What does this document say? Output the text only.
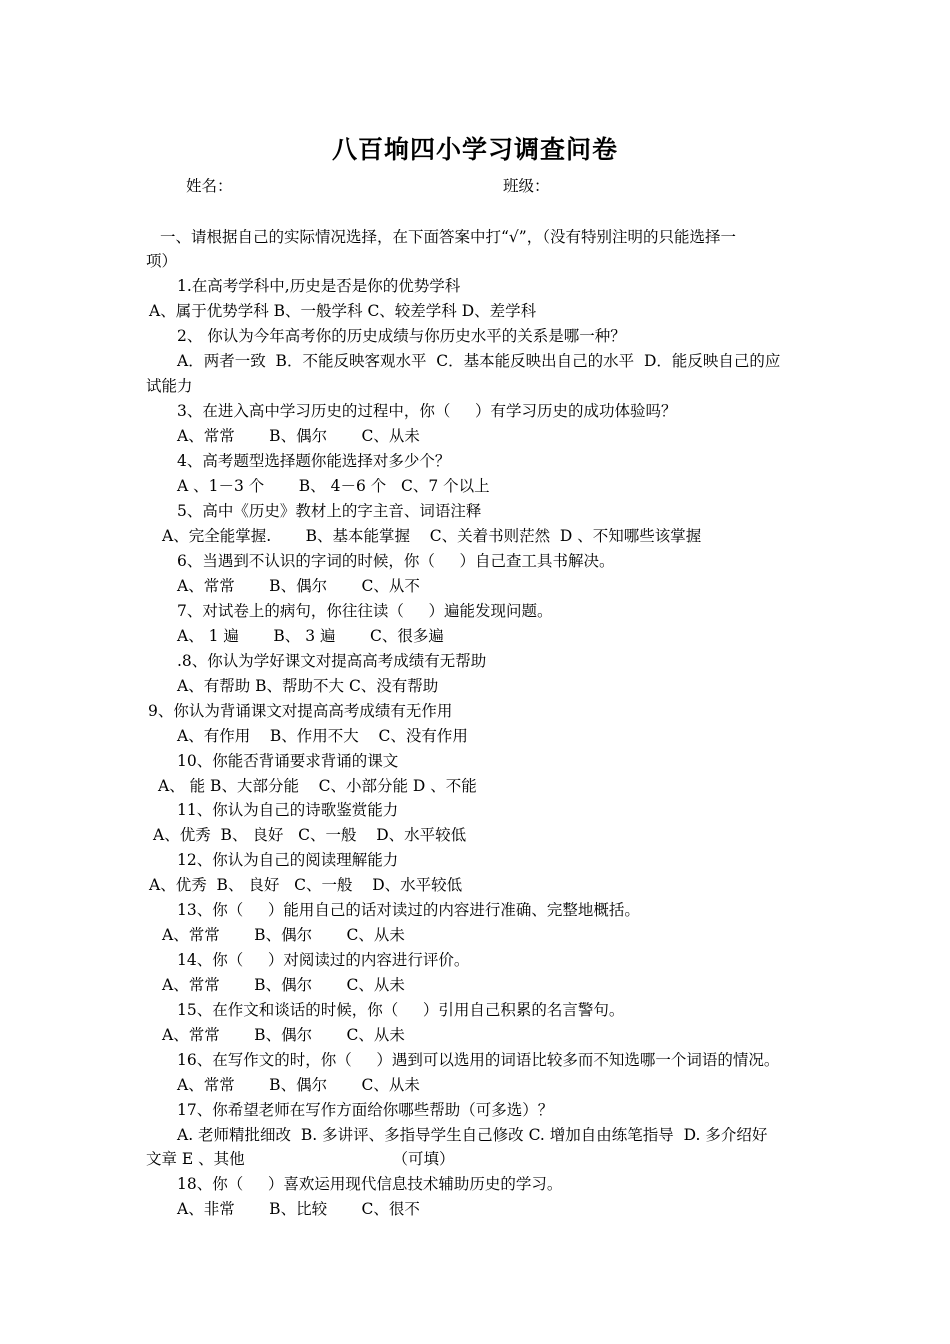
八百垧四小学习调查问卷
姓名：	班级：
一、请根据自己的实际情况选择，在下面答案中打“√”，（没有特别注明的只能选择一
项）
1.在高考学科中,历史是否是你的优势学科
A、属于优势学科 B、一般学科 C、较差学科 D、差学科
2、 你认为今年高考你的历史成绩与你历史水平的关系是哪一种？
A．两者一致  B．不能反映客观水平  C．基本能反映出自己的水平  D．能反映自己的应
试能力
3、在进入高中学习历史的过程中，你（     ）有学习历史的成功体验吗？
A、常常       B、偶尔       C、从未
4、高考题型选择题你能选择对多少个？
A 、1－3 个       B、 4－6 个   C、7 个以上
5、高中《历史》教材上的字主音、词语注释
A、完全能掌握.       B、基本能掌握    C、关着书则茫然  D 、不知哪些该掌握
6、当遇到不认识的字词的时候，你（     ）自己查工具书解决。
A、常常       B、偶尔       C、从不
7、对试卷上的病句，你往往读（     ）遍能发现问题。
A、 1 遍       B、 3 遍       C、很多遍
.8、你认为学好课文对提高高考成绩有无帮助
A、有帮助 B、帮助不大 C、没有帮助
9、你认为背诵课文对提高高考成绩有无作用
A、有作用    B、作用不大    C、没有作用
10、你能否背诵要求背诵的课文
A、 能 B、大部分能    C、小部分能 D 、不能
11、你认为自己的诗歌鉴赏能力
A、优秀  B、 良好   C、一般    D、水平较低
12、你认为自己的阅读理解能力
A、优秀  B、 良好   C、一般    D、水平较低
13、你（     ）能用自己的话对读过的内容进行准确、完整地概括。
A、常常       B、偶尔       C、从未
14、你（     ）对阅读过的内容进行评价。
A、常常       B、偶尔       C、从未
15、在作文和谈话的时候，你（     ）引用自己积累的名言警句。
A、常常       B、偶尔       C、从未
16、在写作文的时，你（     ）遇到可以选用的词语比较多而不知选哪一个词语的情况。
A、常常       B、偶尔       C、从未
17、你希望老师在写作方面给你哪些帮助（可多选）？
A. 老师精批细改  B. 多讲评、多指导学生自己修改 C. 增加自由练笔指导  D. 多介绍好
文章 E 、其他                              （可填）
18、你（     ）喜欢运用现代信息技术辅助历史的学习。
A、非常       B、比较       C、很不
